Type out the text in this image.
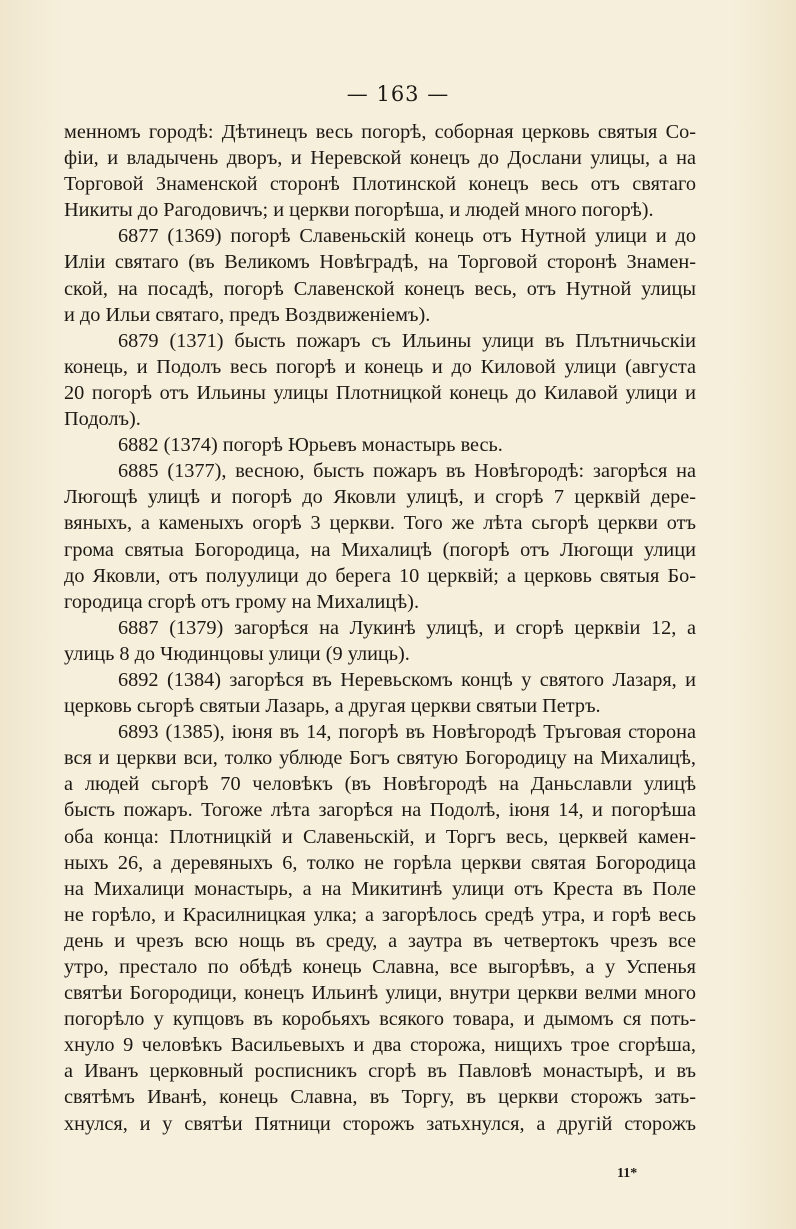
— 163 —
менномъ городѣ: Дѣтинецъ весь погорѣ, соборная церковь святыя Со-
фiи, и владычень дворъ, и Неревской конецъ до Дослани улицы, а на
Торговой Знаменской сторонѣ Плотинской конецъ весь отъ святаго
Никиты до Рагодовичъ; и церкви погорѣша, и людей много погорѣ).
6877 (1369) погорѣ Славеньскiй конець отъ Нутной улици и до
Илiи святаго (въ Великомъ Новѣградѣ, на Торговой сторонѣ Знамен-
ской, на посадѣ, погорѣ Славенской конецъ весь, отъ Нутной улицы
и до Ильи святаго, предъ Воздвиженiемъ).
6879 (1371) бысть пожаръ съ Ильины улици въ Плътничьскiи
конець, и Подолъ весь погорѣ и конець и до Киловой улици (августа
20 погорѣ отъ Ильины улицы Плотницкой конець до Килавой улици и
Подолъ).
6882 (1374) погорѣ Юрьевъ монастырь весь.
6885 (1377), весною, бысть пожаръ въ Новѣгородѣ: загорѣся на
Люгощѣ улицѣ и погорѣ до Яковли улицѣ, и сгорѣ 7 церквiй дере-
вяныхъ, а каменыхъ огорѣ 3 церкви. Того же лѣта сьгорѣ церкви отъ
грома святыа Богородица, на Михалицѣ (погорѣ отъ Люгощи улици
до Яковли, отъ полуулици до берега 10 церквiй; а церковь святыя Бо-
городица сгорѣ отъ грому на Михалицѣ).
6887 (1379) загорѣся на Лукинѣ улицѣ, и сгорѣ церквiи 12, а
улиць 8 до Чюдинцовы улици (9 улиць).
6892 (1384) загорѣся въ Неревьскомъ концѣ у святого Лазаря, и
церковь сьгорѣ святыи Лазарь, а другая церкви святыи Петръ.
6893 (1385), iюня въ 14, погорѣ въ Новѣгородѣ Тръговая сторона
вся и церкви вси, толко ублюде Богъ святую Богородицу на Михалицѣ,
а людей сьгорѣ 70 человѣкъ (въ Новѣгородѣ на Даньславли улицѣ
бысть пожаръ. Тогоже лѣта загорѣся на Подолѣ, iюня 14, и погорѣша
оба конца: Плотницкiй и Славеньскiй, и Торгъ весь, церквей камен-
ныхъ 26, а деревяныхъ 6, толко не горѣла церкви святая Богородица
на Михалици монастырь, а на Микитинѣ улици отъ Креста въ Поле
не горѣло, и Красилницкая улка; а загорѣлось средѣ утра, и горѣ весь
день и чрезъ всю нощь въ среду, а заутра въ четвертокъ чрезъ все
утро, престало по обѣдѣ конець Славна, все выгорѣвъ, а у Успенья
святѣи Богородици, конецъ Ильинѣ улици, внутри церкви велми много
погорѣло у купцовъ въ коробьяхъ всякого товара, и дымомъ ся поть-
хнуло 9 человѣкъ Васильевыхъ и два сторожа, нищихъ трое сгорѣша,
а Иванъ церковный росписникъ сгорѣ въ Павловѣ монастырѣ, и въ
святѣмъ Иванѣ, конець Славна, въ Торгу, въ церкви сторожъ зать-
хнулся, и у святѣи Пятници сторожъ затьхнулся, а другiй сторожъ
11*
